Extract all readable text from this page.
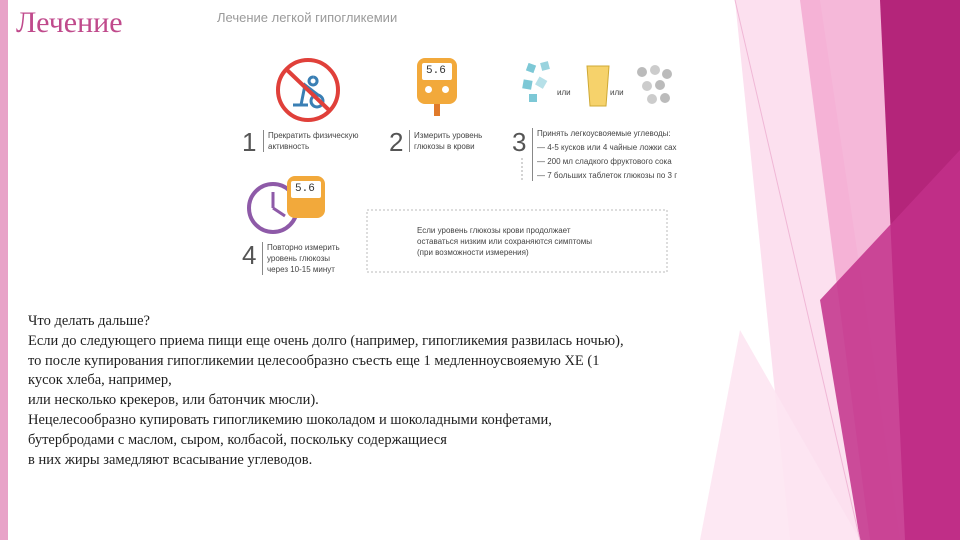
Лечение	Лечение легкой гипогликемии
1 Прекратить физическую
активность
5.6
2 Измерить уровень
глюкозы в крови
или	или
3 Принять легкоусвояемые углеводы:
— 4-5 кусков или 4 чайные ложки сах
— 200 мл сладкого фруктового сока
— 7 больших таблеток глюкозы по 3 г
5.6
4 Повторно измерить
уровень глюкозы
через 10-15 минут
Если уровень глюкозы крови продолжает
оставаться низким или сохраняются симптомы
(при возможности измерения)
Что делать дальше?
Если до следующего приема пищи еще очень долго (например, гипогликемия развилась ночью),
то после купирования гипогликемии целесообразно съесть еще 1 медленноусвояемую ХЕ (1
кусок хлеба, например,
или несколько крекеров, или батончик мюсли).
Нецелесообразно купировать гипогликемию шоколадом и шоколадными конфетами,
бутербродами с маслом, сыром, колбасой, поскольку содержащиеся
в них жиры замедляют всасывание углеводов.
